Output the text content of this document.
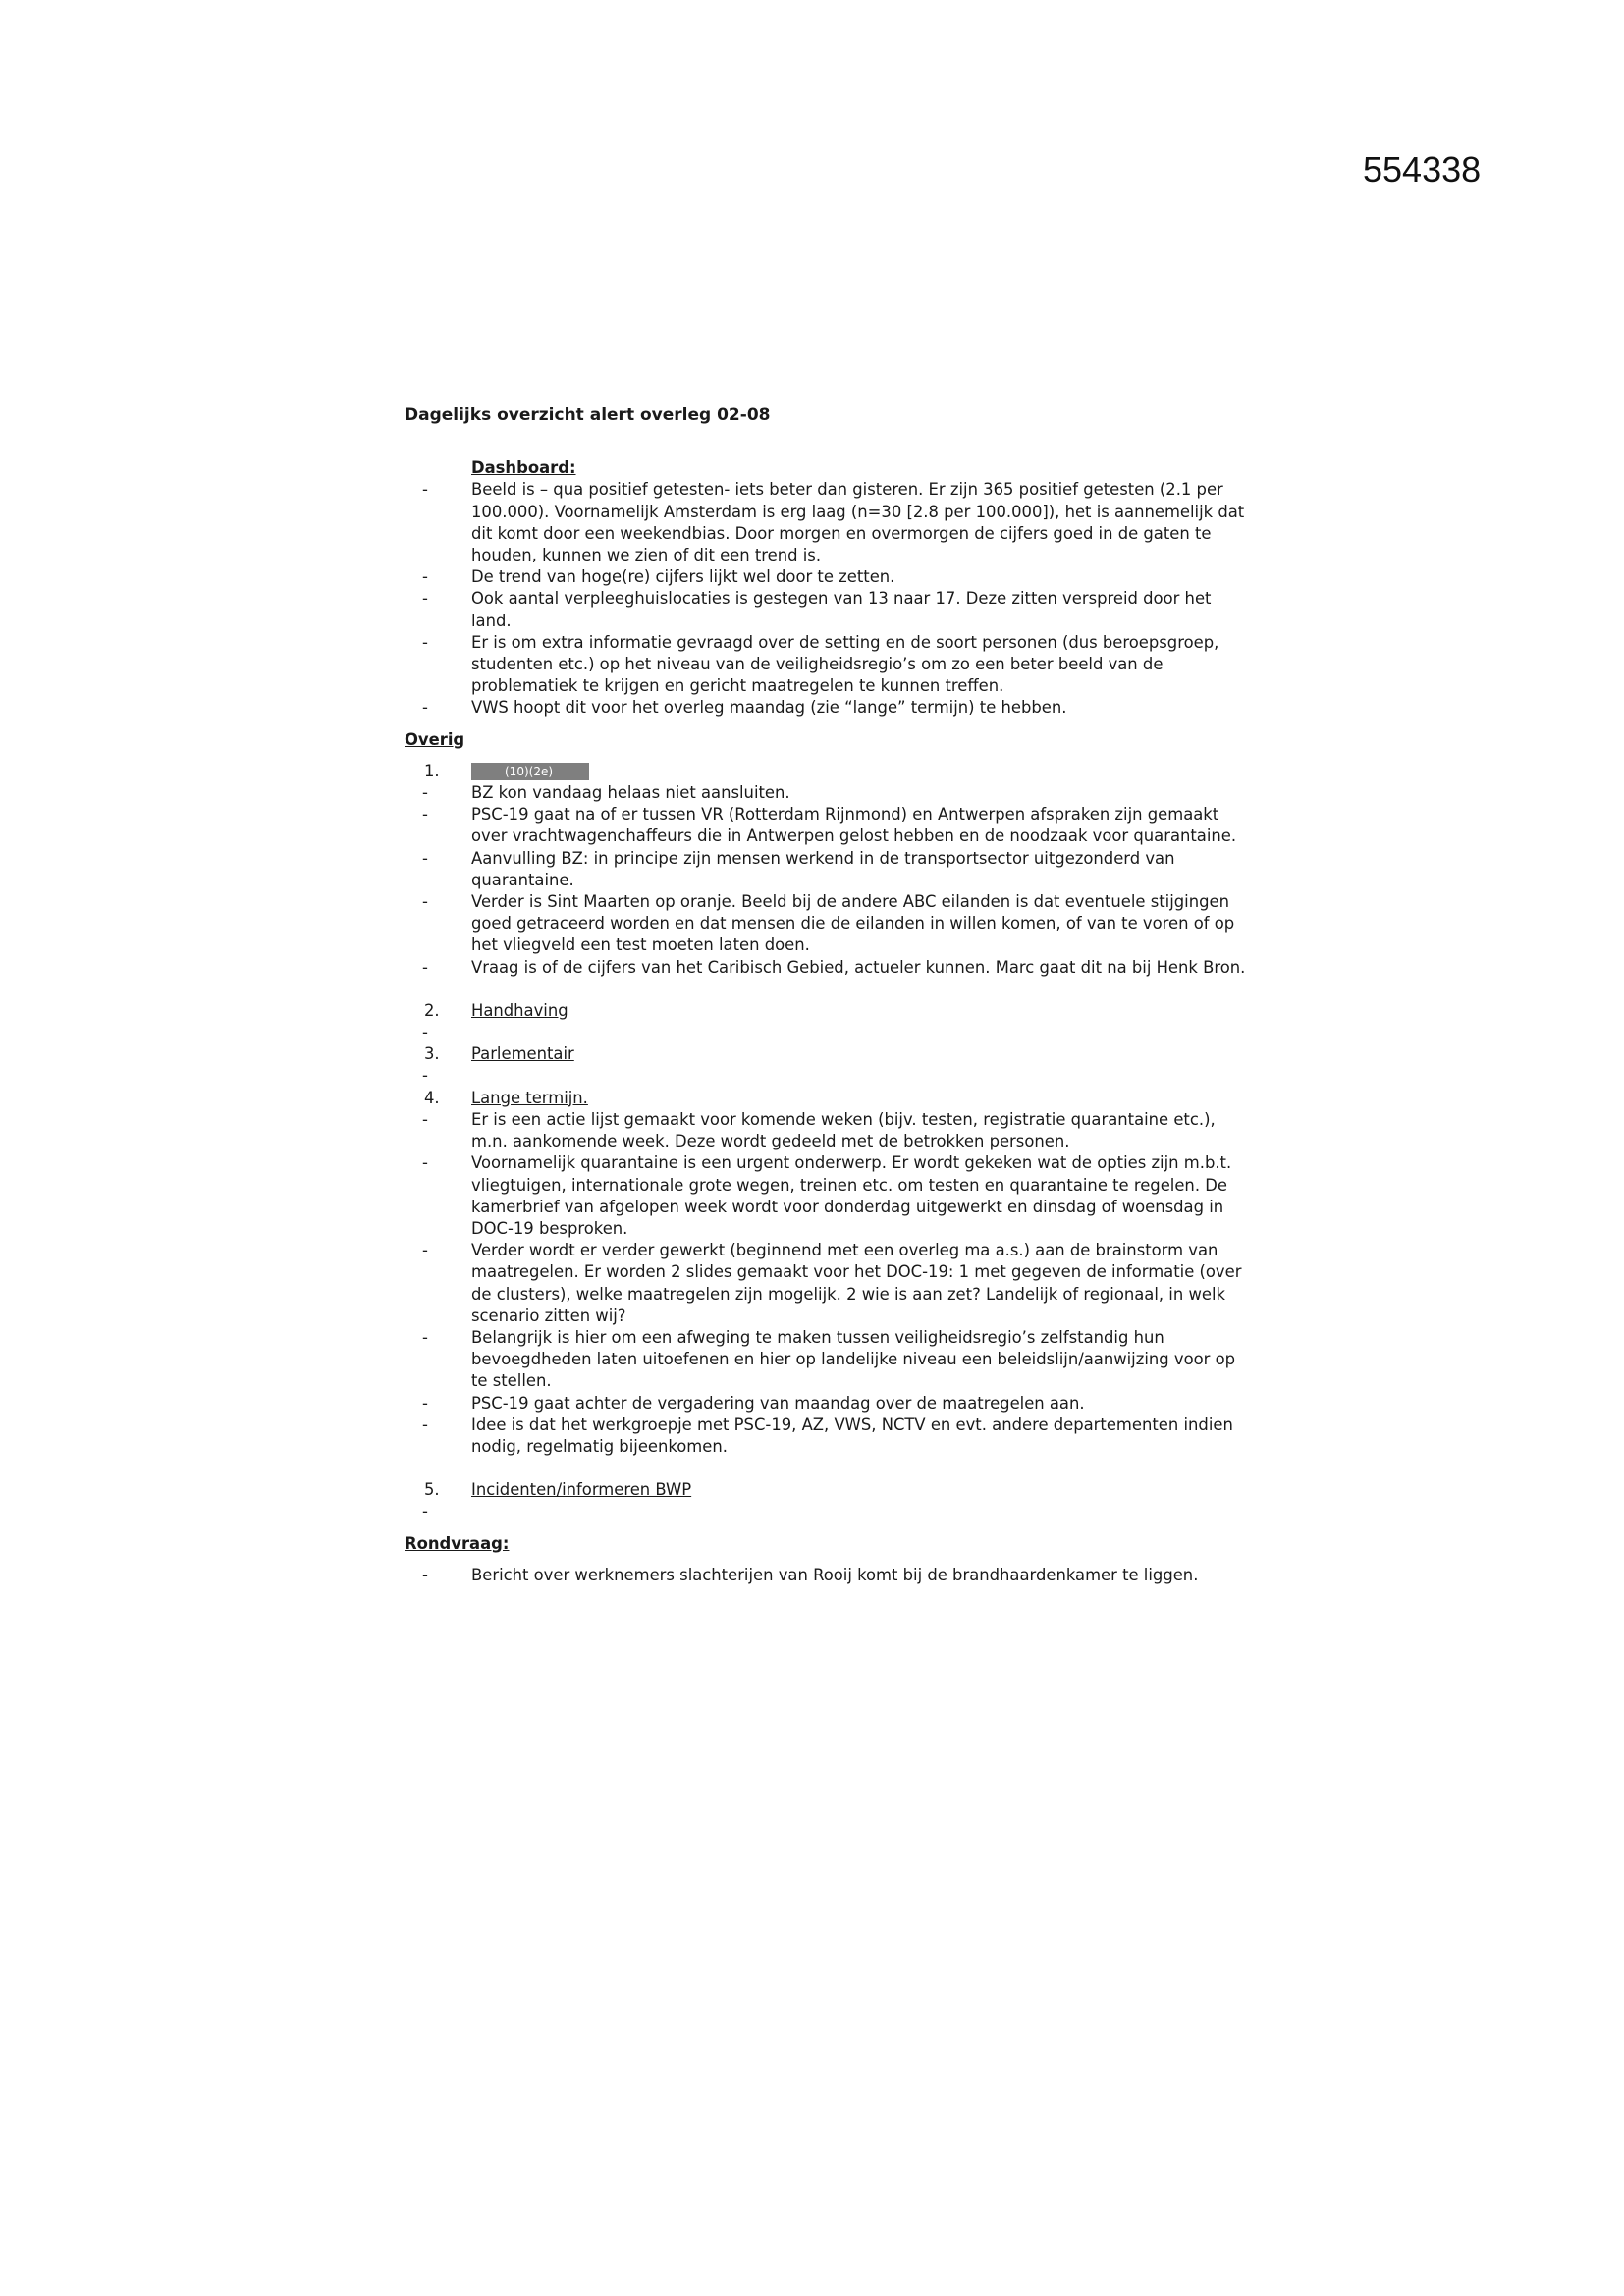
554338

Dagelijks overzicht alert overleg 02-08

Dashboard:

-	Beeld is – qua positief getesten- iets beter dan gisteren. Er zijn 365 positief getesten (2.1 per 100.000). Voornamelijk Amsterdam is erg laag (n=30 [2.8 per 100.000]), het is aannemelijk dat dit komt door een weekendbias. Door morgen en overmorgen de cijfers goed in de gaten te houden, kunnen we zien of dit een trend is.
-	De trend van hoge(re) cijfers lijkt wel door te zetten.
-	Ook aantal verpleeghuislocaties is gestegen van 13 naar 17. Deze zitten verspreid door het land.
-	Er is om extra informatie gevraagd over de setting en de soort personen (dus beroepsgroep, studenten etc.) op het niveau van de veiligheidsregio’s om zo een beter beeld van de problematiek te krijgen en gericht maatregelen te kunnen treffen.
-	VWS hoopt dit voor het overleg maandag (zie “lange” termijn) te hebben.

Overig

1.	(10)(2e)
-	BZ kon vandaag helaas niet aansluiten.
-	PSC-19 gaat na of er tussen VR (Rotterdam Rijnmond) en Antwerpen afspraken zijn gemaakt over vrachtwagenchaffeurs die in Antwerpen gelost hebben en de noodzaak voor quarantaine.
-	Aanvulling BZ: in principe zijn mensen werkend in de transportsector uitgezonderd van quarantaine.
-	Verder is Sint Maarten op oranje. Beeld bij de andere ABC eilanden is dat eventuele stijgingen goed getraceerd worden en dat mensen die de eilanden in willen komen, of van te voren of op het vliegveld een test moeten laten doen.
-	Vraag is of de cijfers van het Caribisch Gebied, actueler kunnen. Marc gaat dit na bij Henk Bron.
2.	Handhaving
-
3.	Parlementair
-
4.	Lange termijn.
-	Er is een actie lijst gemaakt voor komende weken (bijv. testen, registratie quarantaine etc.), m.n. aankomende week. Deze wordt gedeeld met de betrokken personen.
-	Voornamelijk quarantaine is een urgent onderwerp. Er wordt gekeken wat de opties zijn m.b.t. vliegtuigen, internationale grote wegen, treinen etc. om testen en quarantaine te regelen. De kamerbrief van afgelopen week wordt voor donderdag uitgewerkt en dinsdag of woensdag in DOC-19 besproken.
-	Verder wordt er verder gewerkt (beginnend met een overleg ma a.s.) aan de brainstorm van maatregelen. Er worden 2 slides gemaakt voor het DOC-19: 1 met gegeven de informatie (over de clusters), welke maatregelen zijn mogelijk. 2 wie is aan zet? Landelijk of regionaal, in welk scenario zitten wij?
-	Belangrijk is hier om een afweging te maken tussen veiligheidsregio’s zelfstandig hun bevoegdheden laten uitoefenen en hier op landelijke niveau een beleidslijn/aanwijzing voor op te stellen.
-	PSC-19 gaat achter de vergadering van maandag over de maatregelen aan.
-	Idee is dat het werkgroepje met PSC-19, AZ, VWS, NCTV en evt. andere departementen indien nodig, regelmatig bijeenkomen.
5.	Incidenten/informeren BWP
-

Rondvraag:

-	Bericht over werknemers slachterijen van Rooij komt bij de brandhaardenkamer te liggen.
